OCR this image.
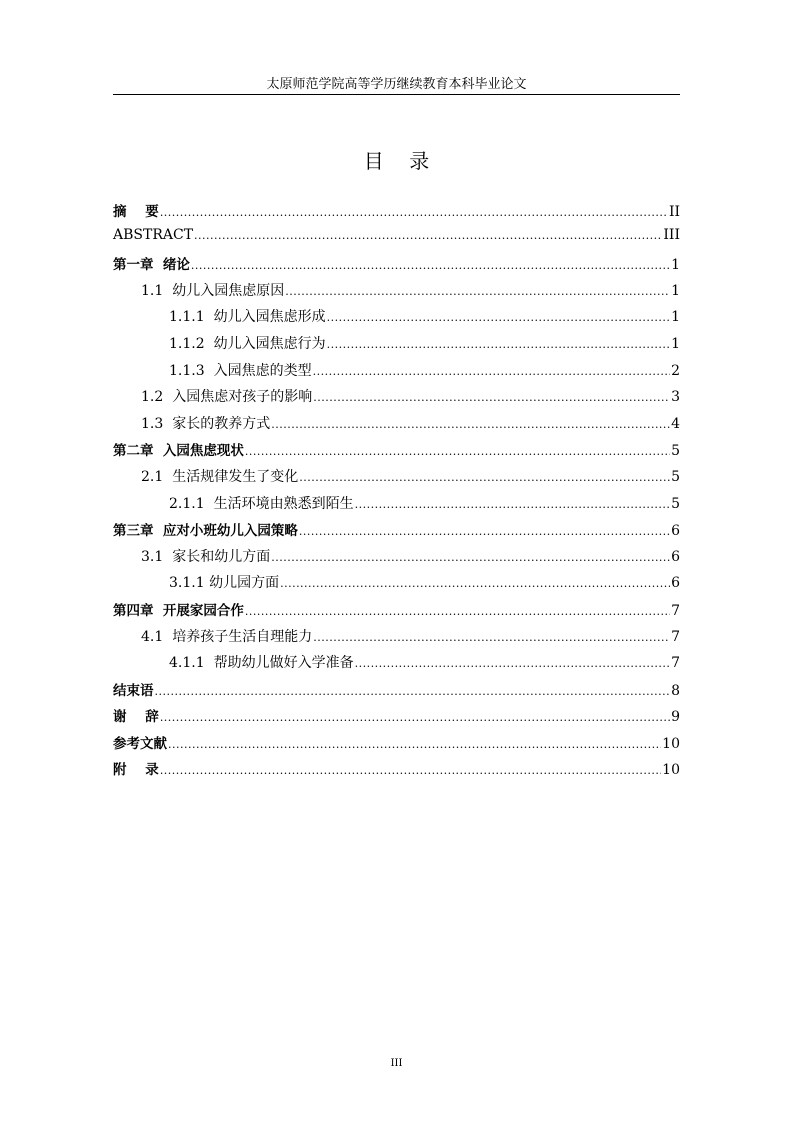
太原师范学院高等学历继续教育本科毕业论文
目    录
摘    要 .....	II
ABSTRACT .....	III
第一章  绪论 .....	1
1.1 幼儿入园焦虑原因 .....	1
1.1.1 幼儿入园焦虑形成 .....	1
1.1.2 幼儿入园焦虑行为 .....	1
1.1.3 入园焦虑的类型 .....	2
1.2 入园焦虑对孩子的影响 .....	3
1.3 家长的教养方式 .....	4
第二章  入园焦虑现状 .....	5
2.1 生活规律发生了变化 .....	5
2.1.1 生活环境由熟悉到陌生 .....	5
第三章  应对小班幼儿入园策略 .....	6
3.1 家长和幼儿方面 .....	6
3.1.1 幼儿园方面 .....	6
第四章  开展家园合作 .....	7
4.1 培养孩子生活自理能力 .....	7
4.1.1 帮助幼儿做好入学准备 .....	7
结束语 .....	8
谢    辞 .....	9
参考文献 .....	10
附    录 .....	10
III
